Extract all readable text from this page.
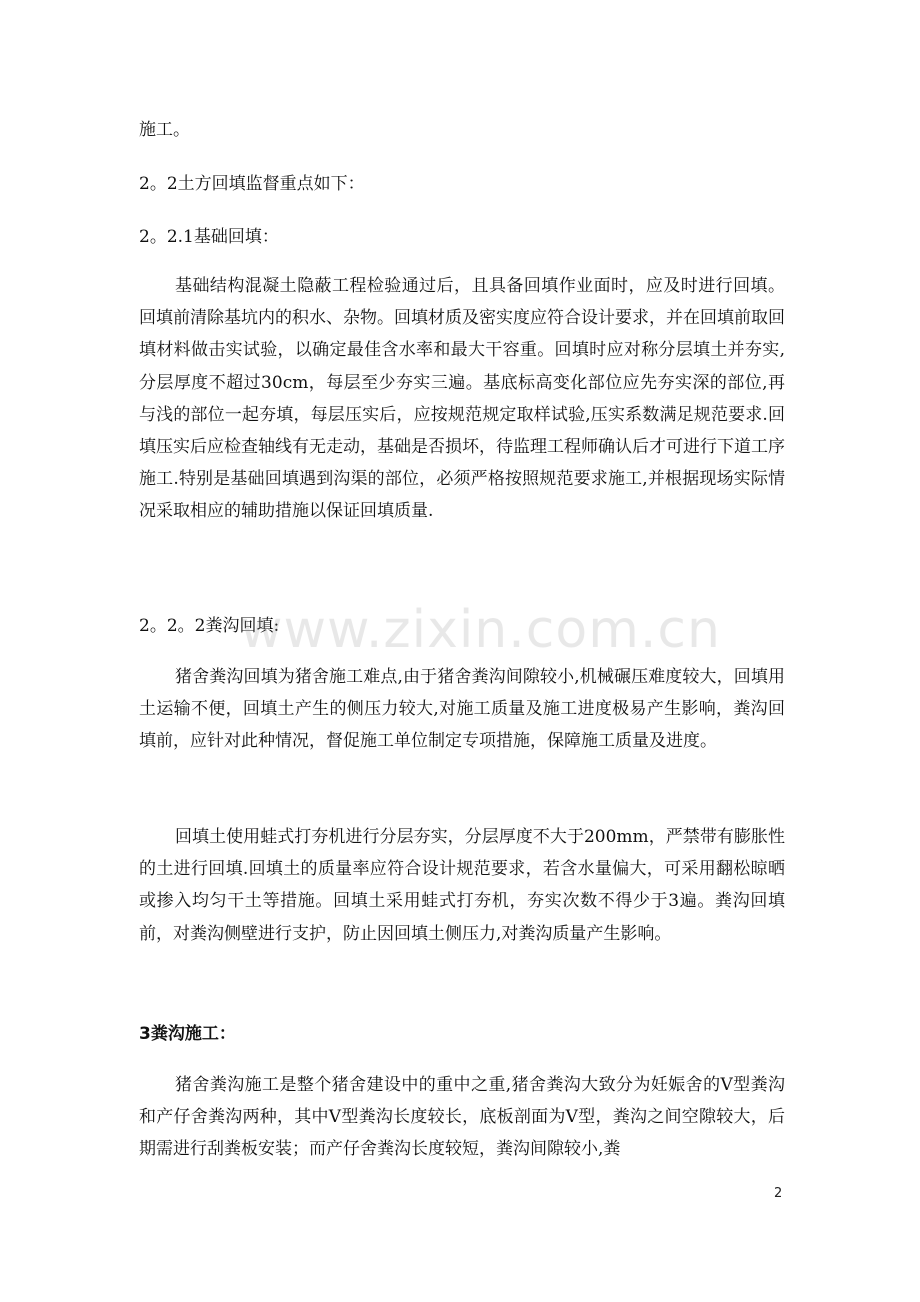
施工。
2。2土方回填监督重点如下：
2。2.1基础回填：
基础结构混凝土隐蔽工程检验通过后，且具备回填作业面时，应及时进行回填。回填前清除基坑内的积水、杂物。回填材质及密实度应符合设计要求，并在回填前取回填材料做击实试验，以确定最佳含水率和最大干容重。回填时应对称分层填土并夯实,分层厚度不超过30cm，每层至少夯实三遍。基底标高变化部位应先夯实深的部位,再与浅的部位一起夯填，每层压实后，应按规范规定取样试验,压实系数满足规范要求.回填压实后应检查轴线有无走动，基础是否损坏，待监理工程师确认后才可进行下道工序施工.特别是基础回填遇到沟渠的部位，必须严格按照规范要求施工,并根据现场实际情况采取相应的辅助措施以保证回填质量.
2。2。2粪沟回填:
猪舍粪沟回填为猪舍施工难点,由于猪舍粪沟间隙较小,机械碾压难度较大，回填用土运输不便，回填土产生的侧压力较大,对施工质量及施工进度极易产生影响，粪沟回填前，应针对此种情况，督促施工单位制定专项措施，保障施工质量及进度。
回填土使用蛙式打夯机进行分层夯实，分层厚度不大于200mm，严禁带有膨胀性的土进行回填.回填土的质量率应符合设计规范要求，若含水量偏大，可采用翻松晾晒或掺入均匀干土等措施。回填土采用蛙式打夯机，夯实次数不得少于3遍。粪沟回填前，对粪沟侧壁进行支护，防止因回填土侧压力,对粪沟质量产生影响。
3粪沟施工：
猪舍粪沟施工是整个猪舍建设中的重中之重,猪舍粪沟大致分为妊娠舍的V型粪沟和产仔舍粪沟两种，其中V型粪沟长度较长，底板剖面为V型，粪沟之间空隙较大，后期需进行刮粪板安装；而产仔舍粪沟长度较短，粪沟间隙较小,粪
www.zixin.com.cn
2
